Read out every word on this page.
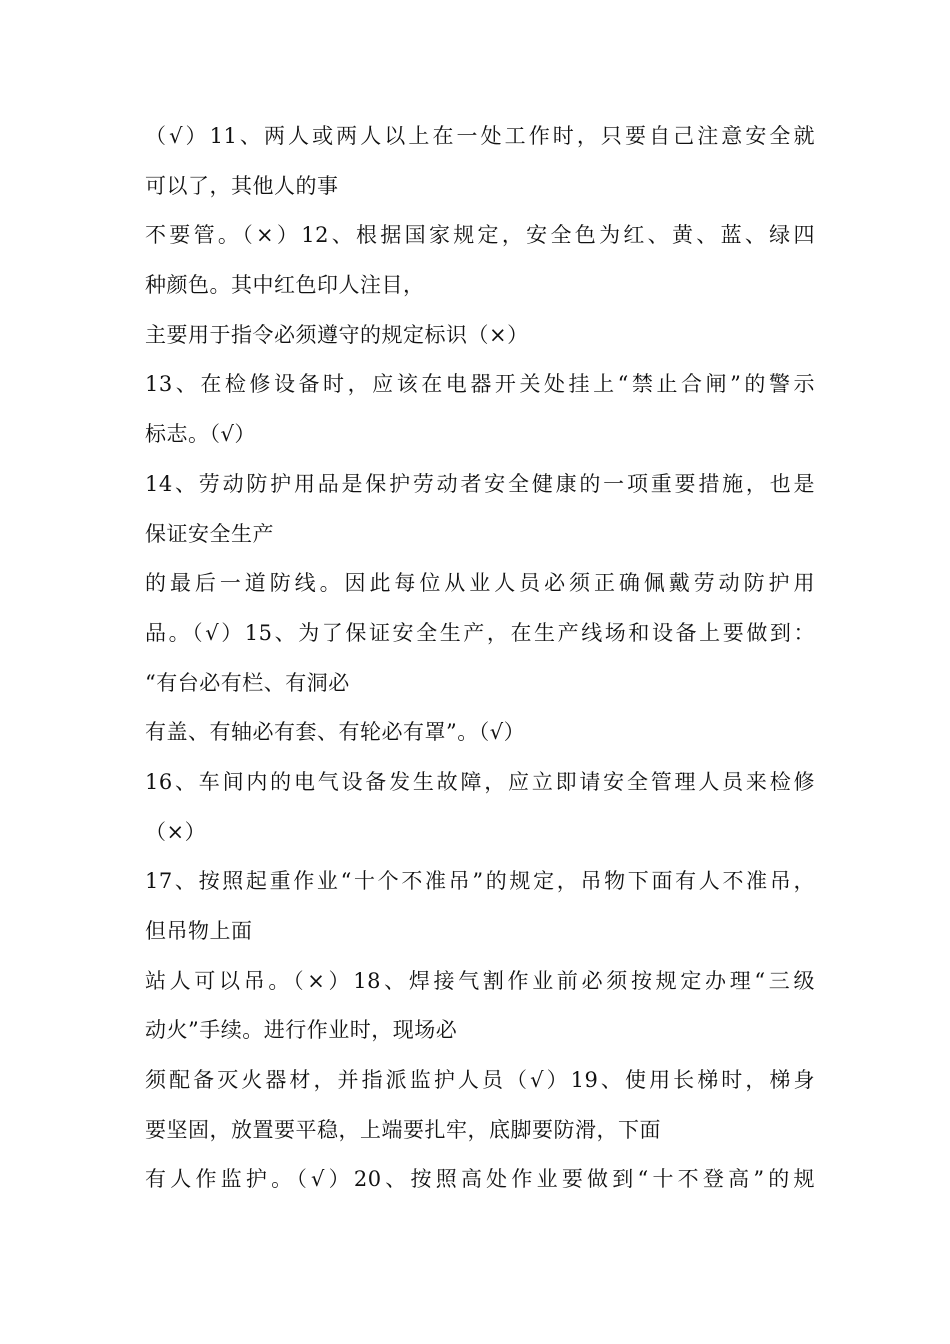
（√）11、两人或两人以上在一处工作时，只要自己注意安全就
可以了，其他人的事
不要管。（×）12、根据国家规定，安全色为红、黄、蓝、绿四
种颜色。其中红色印人注目，
主要用于指令必须遵守的规定标识（×）
13、在检修设备时，应该在电器开关处挂上“禁止合闸”的警示
标志。（√）
14、劳动防护用品是保护劳动者安全健康的一项重要措施，也是
保证安全生产
的最后一道防线。因此每位从业人员必须正确佩戴劳动防护用
品。（√）15、为了保证安全生产，在生产线场和设备上要做到：
“有台必有栏、有洞必
有盖、有轴必有套、有轮必有罩”。（√）
16、车间内的电气设备发生故障，应立即请安全管理人员来检修
（×）
17、按照起重作业“十个不准吊”的规定，吊物下面有人不准吊，
但吊物上面
站人可以吊。（×）18、焊接气割作业前必须按规定办理“三级
动火”手续。进行作业时，现场必
须配备灭火器材，并指派监护人员（√）19、使用长梯时，梯身
要坚固，放置要平稳，上端要扎牢，底脚要防滑，下面
有人作监护。（√）20、按照高处作业要做到“十不登高”的规
